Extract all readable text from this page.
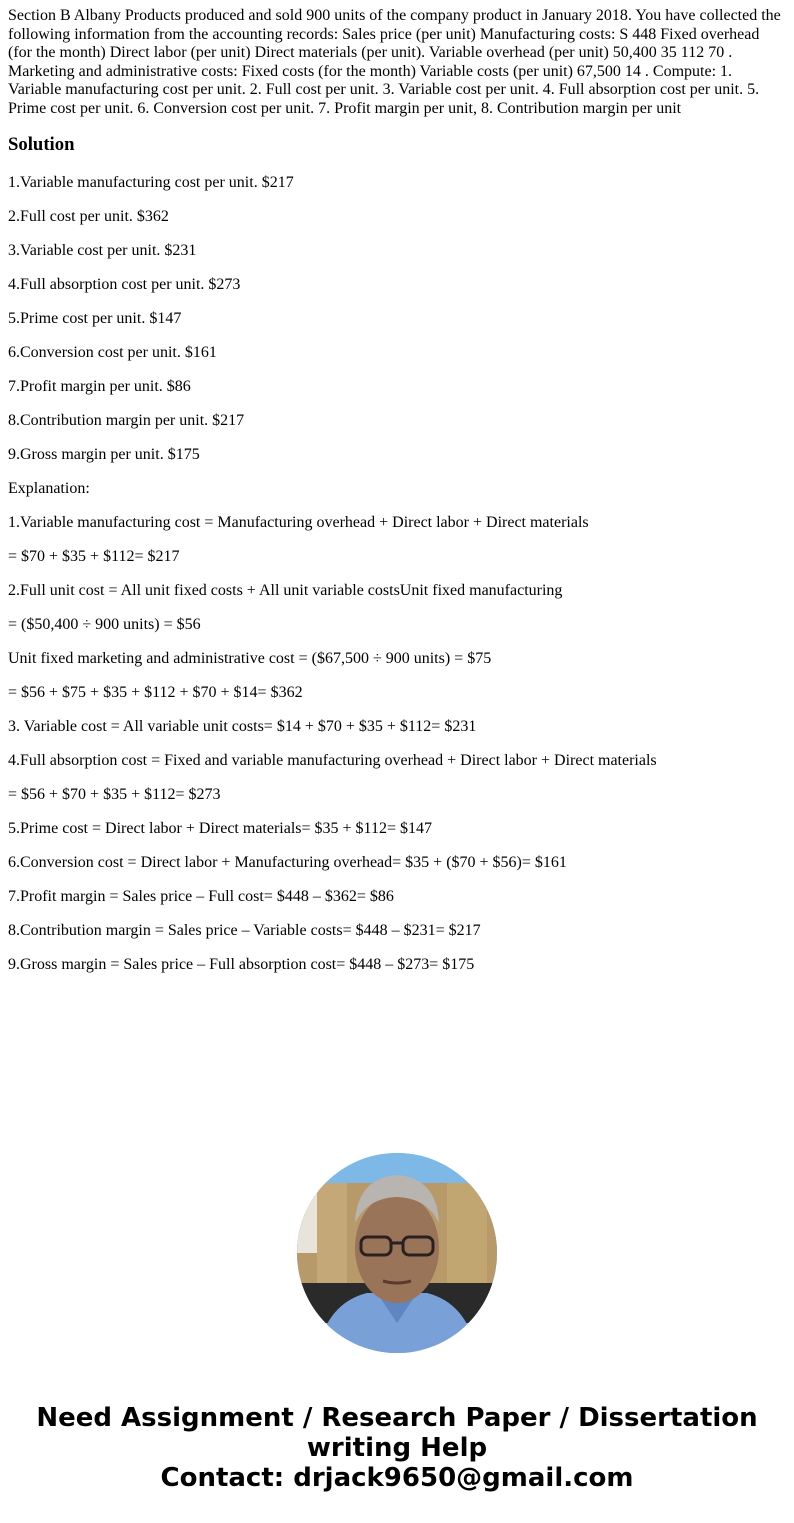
Section B Albany Products produced and sold 900 units of the company product in January 2018. You have collected the following information from the accounting records: Sales price (per unit) Manufacturing costs: S 448 Fixed overhead (for the month) Direct labor (per unit) Direct materials (per unit). Variable overhead (per unit) 50,400 35 112 70 . Marketing and administrative costs: Fixed costs (for the month) Variable costs (per unit) 67,500 14 . Compute: 1. Variable manufacturing cost per unit. 2. Full cost per unit. 3. Variable cost per unit. 4. Full absorption cost per unit. 5. Prime cost per unit. 6. Conversion cost per unit. 7. Profit margin per unit, 8. Contribution margin per unit
Solution
1.Variable manufacturing cost per unit. $217
2.Full cost per unit. $362
3.Variable cost per unit. $231
4.Full absorption cost per unit. $273
5.Prime cost per unit. $147
6.Conversion cost per unit. $161
7.Profit margin per unit. $86
8.Contribution margin per unit. $217
9.Gross margin per unit. $175
Explanation:
1.Variable manufacturing cost = Manufacturing overhead + Direct labor + Direct materials
= $70 + $35 + $112= $217
2.Full unit cost = All unit fixed costs + All unit variable costsUnit fixed manufacturing
= ($50,400 ÷ 900 units) = $56
Unit fixed marketing and administrative cost = ($67,500 ÷ 900 units) = $75
= $56 + $75 + $35 + $112 + $70 + $14= $362
3. Variable cost = All variable unit costs= $14 + $70 + $35 + $112= $231
4.Full absorption cost = Fixed and variable manufacturing overhead + Direct labor + Direct materials
= $56 + $70 + $35 + $112= $273
5.Prime cost = Direct labor + Direct materials= $35 + $112= $147
6.Conversion cost = Direct labor + Manufacturing overhead= $35 + ($70 + $56)= $161
7.Profit margin = Sales price – Full cost= $448 – $362= $86
8.Contribution margin = Sales price – Variable costs= $448 – $231= $217
9.Gross margin = Sales price – Full absorption cost= $448 – $273= $175
Need Assignment / Research Paper / Dissertation
writing Help
Contact: drjack9650@gmail.com
